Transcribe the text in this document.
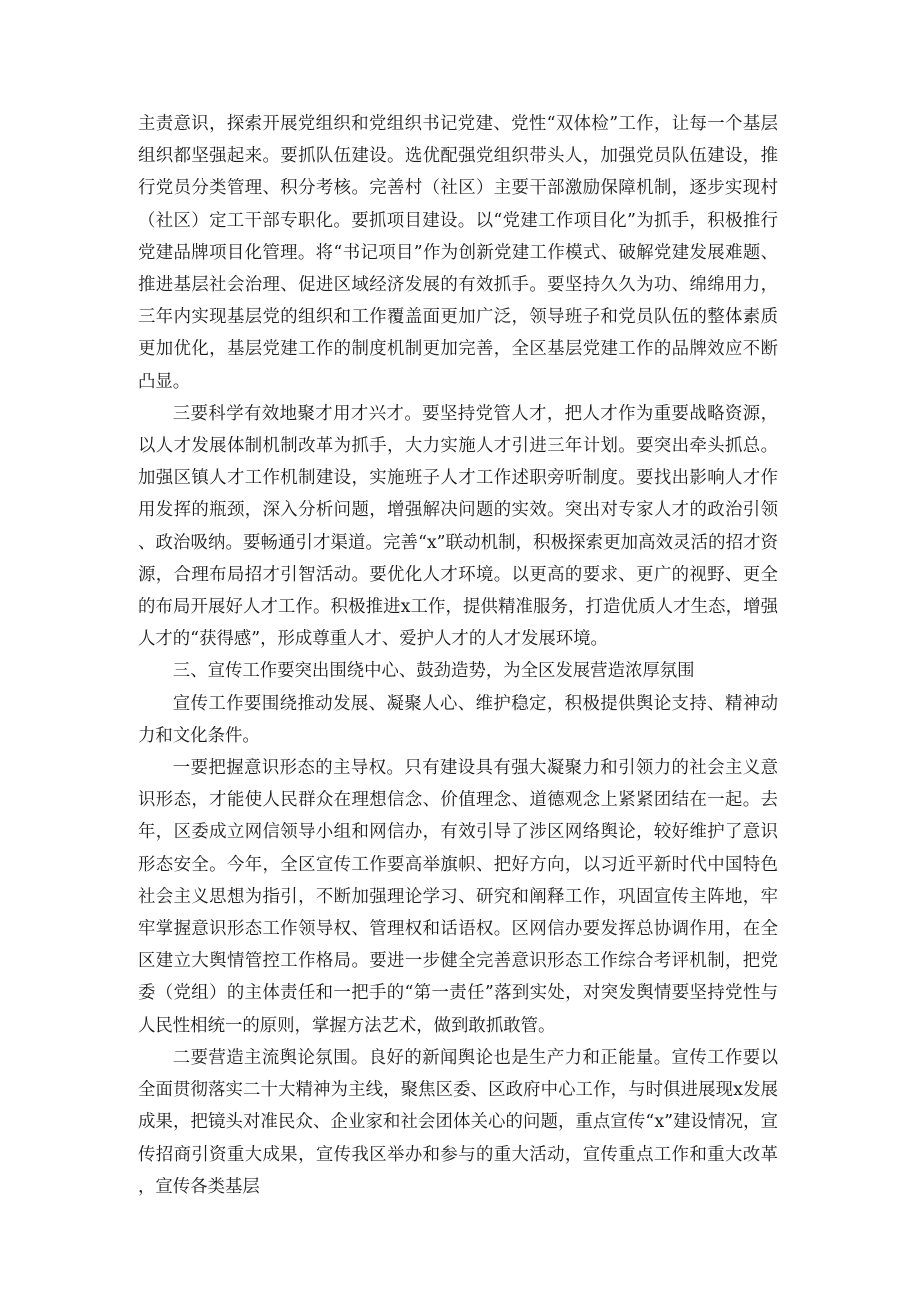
主责意识，探索开展党组织和党组织书记党建、党性“双体检”工作，让每一个基层组织都坚强起来。要抓队伍建设。选优配强党组织带头人，加强党员队伍建设，推行党员分类管理、积分考核。完善村（社区）主要干部激励保障机制，逐步实现村（社区）定工干部专职化。要抓项目建设。以“党建工作项目化”为抓手，积极推行党建品牌项目化管理。将“书记项目”作为创新党建工作模式、破解党建发展难题、推进基层社会治理、促进区域经济发展的有效抓手。要坚持久久为功、绵绵用力，三年内实现基层党的组织和工作覆盖面更加广泛，领导班子和党员队伍的整体素质更加优化，基层党建工作的制度机制更加完善，全区基层党建工作的品牌效应不断凸显。

三要科学有效地聚才用才兴才。要坚持党管人才，把人才作为重要战略资源，以人才发展体制机制改革为抓手，大力实施人才引进三年计划。要突出牵头抓总。加强区镇人才工作机制建设，实施班子人才工作述职旁听制度。要找出影响人才作用发挥的瓶颈，深入分析问题，增强解决问题的实效。突出对专家人才的政治引领、政治吸纳。要畅通引才渠道。完善“x”联动机制，积极探索更加高效灵活的招才资源，合理布局招才引智活动。要优化人才环境。以更高的要求、更广的视野、更全的布局开展好人才工作。积极推进x工作，提供精准服务，打造优质人才生态，增强人才的“获得感”，形成尊重人才、爱护人才的人才发展环境。

三、宣传工作要突出围绕中心、鼓劲造势，为全区发展营造浓厚氛围

宣传工作要围绕推动发展、凝聚人心、维护稳定，积极提供舆论支持、精神动力和文化条件。

一要把握意识形态的主导权。只有建设具有强大凝聚力和引领力的社会主义意识形态，才能使人民群众在理想信念、价值理念、道德观念上紧紧团结在一起。去年，区委成立网信领导小组和网信办，有效引导了涉区网络舆论，较好维护了意识形态安全。今年，全区宣传工作要高举旗帜、把好方向，以习近平新时代中国特色社会主义思想为指引，不断加强理论学习、研究和阐释工作，巩固宣传主阵地，牢牢掌握意识形态工作领导权、管理权和话语权。区网信办要发挥总协调作用，在全区建立大舆情管控工作格局。要进一步健全完善意识形态工作综合考评机制，把党委（党组）的主体责任和一把手的“第一责任”落到实处，对突发舆情要坚持党性与人民性相统一的原则，掌握方法艺术，做到敢抓敢管。

二要营造主流舆论氛围。良好的新闻舆论也是生产力和正能量。宣传工作要以全面贯彻落实二十大精神为主线，聚焦区委、区政府中心工作，与时俱进展现x发展成果，把镜头对准民众、企业家和社会团体关心的问题，重点宣传“x”建设情况，宣传招商引资重大成果，宣传我区举办和参与的重大活动，宣传重点工作和重大改革，宣传各类基层
